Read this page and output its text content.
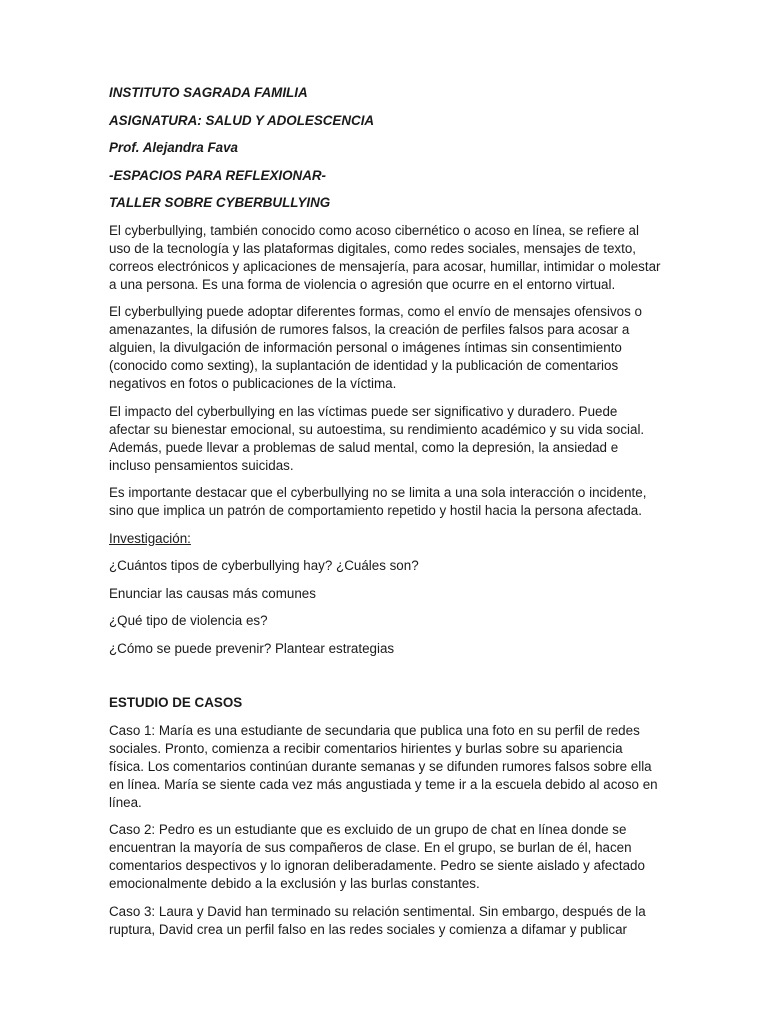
INSTITUTO SAGRADA FAMILIA

ASIGNATURA: SALUD Y ADOLESCENCIA

Prof. Alejandra Fava

-ESPACIOS PARA REFLEXIONAR-

TALLER SOBRE CYBERBULLYING

El cyberbullying, también conocido como acoso cibernético o acoso en línea, se refiere al uso de la tecnología y las plataformas digitales, como redes sociales, mensajes de texto, correos electrónicos y aplicaciones de mensajería, para acosar, humillar, intimidar o molestar a una persona. Es una forma de violencia o agresión que ocurre en el entorno virtual.

El cyberbullying puede adoptar diferentes formas, como el envío de mensajes ofensivos o amenazantes, la difusión de rumores falsos, la creación de perfiles falsos para acosar a alguien, la divulgación de información personal o imágenes íntimas sin consentimiento (conocido como sexting), la suplantación de identidad y la publicación de comentarios negativos en fotos o publicaciones de la víctima.

El impacto del cyberbullying en las víctimas puede ser significativo y duradero. Puede afectar su bienestar emocional, su autoestima, su rendimiento académico y su vida social. Además, puede llevar a problemas de salud mental, como la depresión, la ansiedad e incluso pensamientos suicidas.

Es importante destacar que el cyberbullying no se limita a una sola interacción o incidente, sino que implica un patrón de comportamiento repetido y hostil hacia la persona afectada.

Investigación:

¿Cuántos tipos de cyberbullying hay? ¿Cuáles son?

Enunciar las causas más comunes

¿Qué tipo de violencia es?

¿Cómo se puede prevenir? Plantear estrategias

ESTUDIO DE CASOS

Caso 1: María es una estudiante de secundaria que publica una foto en su perfil de redes sociales. Pronto, comienza a recibir comentarios hirientes y burlas sobre su apariencia física. Los comentarios continúan durante semanas y se difunden rumores falsos sobre ella en línea. María se siente cada vez más angustiada y teme ir a la escuela debido al acoso en línea.

Caso 2: Pedro es un estudiante que es excluido de un grupo de chat en línea donde se encuentran la mayoría de sus compañeros de clase. En el grupo, se burlan de él, hacen comentarios despectivos y lo ignoran deliberadamente. Pedro se siente aislado y afectado emocionalmente debido a la exclusión y las burlas constantes.

Caso 3: Laura y David han terminado su relación sentimental. Sin embargo, después de la ruptura, David crea un perfil falso en las redes sociales y comienza a difamar y publicar
